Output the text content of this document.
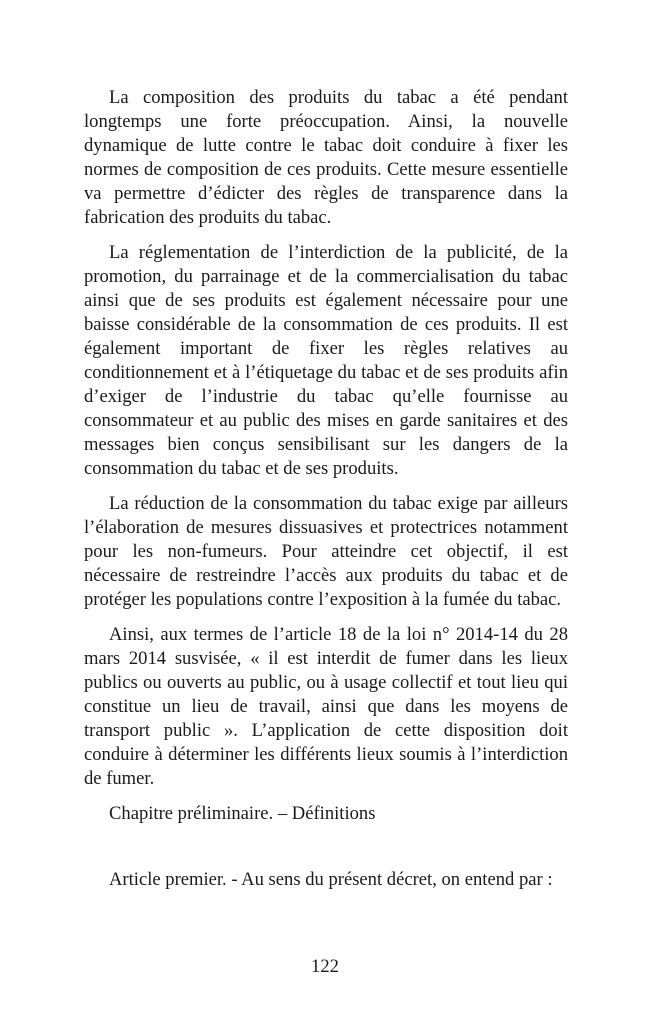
La composition des produits du tabac a été pendant longtemps une forte préoccupation. Ainsi, la nouvelle dynamique de lutte contre le tabac doit conduire à fixer les normes de composition de ces produits. Cette mesure essentielle va permettre d’édicter des règles de transparence dans la fabrication des produits du tabac.

La réglementation de l’interdiction de la publicité, de la promotion, du parrainage et de la commercialisation du tabac ainsi que de ses produits est également nécessaire pour une baisse considérable de la consommation de ces produits. Il est également important de fixer les règles relatives au conditionnement et à l’étiquetage du tabac et de ses produits afin d’exiger de l’industrie du tabac qu’elle fournisse au consommateur et au public des mises en garde sanitaires et des messages bien conçus sensibilisant sur les dangers de la consommation du tabac et de ses produits.

La réduction de la consommation du tabac exige par ailleurs l’élaboration de mesures dissuasives et protectrices notamment pour les non-fumeurs. Pour atteindre cet objectif, il est nécessaire de restreindre l’accès aux produits du tabac et de protéger les populations contre l’exposition à la fumée du tabac.

Ainsi, aux termes de l’article 18 de la loi n° 2014-14 du 28 mars 2014 susvisée, « il est interdit de fumer dans les lieux publics ou ouverts au public, ou à usage collectif et tout lieu qui constitue un lieu de travail, ainsi que dans les moyens de transport public ». L’application de cette disposition doit conduire à déterminer les différents lieux soumis à l’interdiction de fumer.

Chapitre préliminaire. – Définitions

Article premier. - Au sens du présent décret, on entend par :

122
